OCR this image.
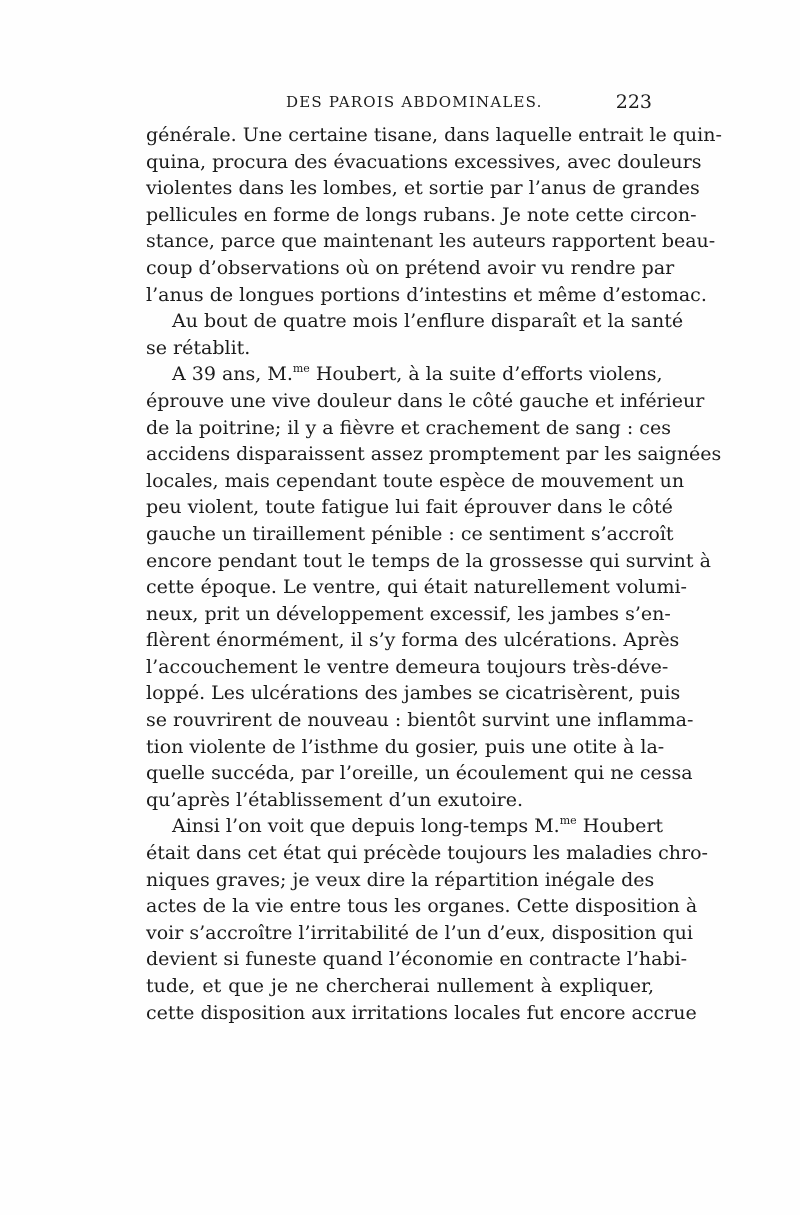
DES PAROIS ABDOMINALES.	223
générale. Une certaine tisane, dans laquelle entrait le quin-
quina, procura des évacuations excessives, avec douleurs
violentes dans les lombes, et sortie par l’anus de grandes
pellicules en forme de longs rubans. Je note cette circon-
stance, parce que maintenant les auteurs rapportent beau-
coup d’observations où on prétend avoir vu rendre par
l’anus de longues portions d’intestins et même d’estomac.
Au bout de quatre mois l’enflure disparaît et la santé
se rétablit.
A 39 ans, M.$^{me}$ Houbert, à la suite d’efforts violens,
éprouve une vive douleur dans le côté gauche et inférieur
de la poitrine; il y a fièvre et crachement de sang : ces
accidens disparaissent assez promptement par les saignées
locales, mais cependant toute espèce de mouvement un
peu violent, toute fatigue lui fait éprouver dans le côté
gauche un tiraillement pénible : ce sentiment s’accroît
encore pendant tout le temps de la grossesse qui survint à
cette époque. Le ventre, qui était naturellement volumi-
neux, prit un développement excessif, les jambes s’en-
flèrent énormément, il s’y forma des ulcérations. Après
l’accouchement le ventre demeura toujours très-déve-
loppé. Les ulcérations des jambes se cicatrisèrent, puis
se rouvrirent de nouveau : bientôt survint une inflamma-
tion violente de l’isthme du gosier, puis une otite à la-
quelle succéda, par l’oreille, un écoulement qui ne cessa
qu’après l’établissement d’un exutoire.
Ainsi l’on voit que depuis long-temps M.$^{me}$ Houbert
était dans cet état qui précède toujours les maladies chro-
niques graves; je veux dire la répartition inégale des
actes de la vie entre tous les organes. Cette disposition à
voir s’accroître l’irritabilité de l’un d’eux, disposition qui
devient si funeste quand l’économie en contracte l’habi-
tude, et que je ne chercherai nullement à expliquer,
cette disposition aux irritations locales fut encore accrue
